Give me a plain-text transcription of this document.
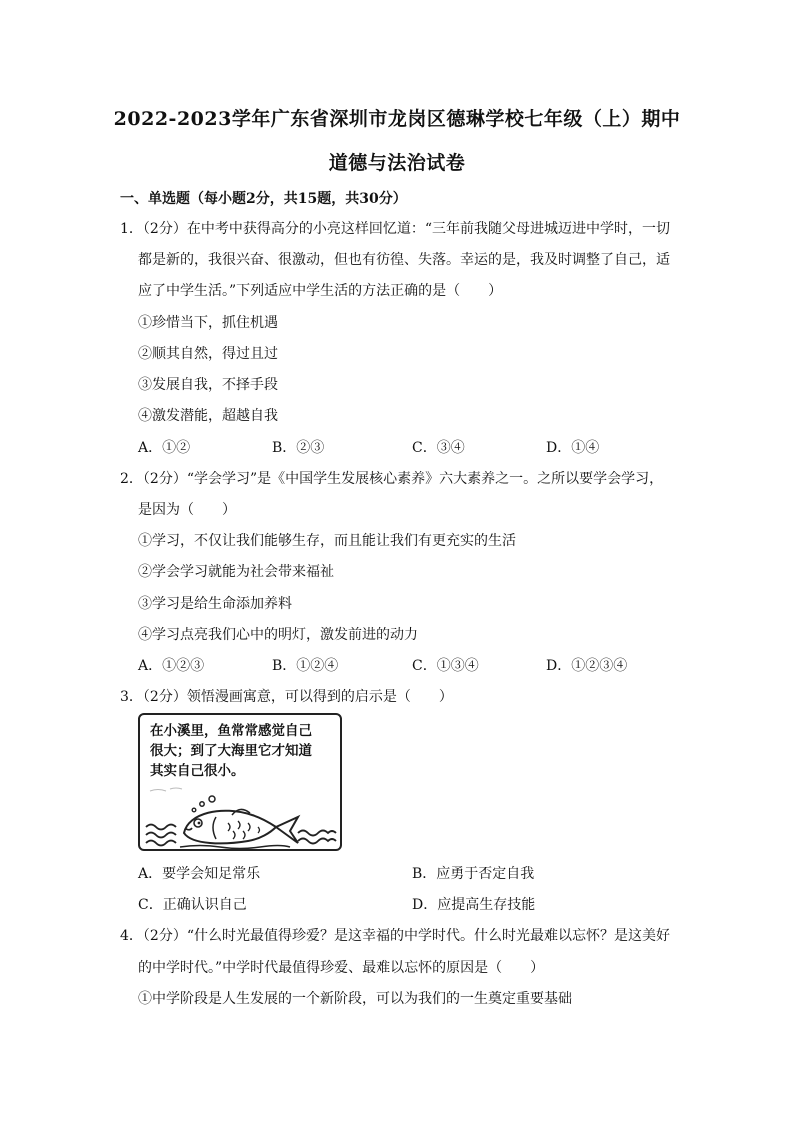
2022-2023学年广东省深圳市龙岗区德琳学校七年级（上）期中
道德与法治试卷
一、单选题（每小题2分，共15题，共30分）
1．（2分）在中考中获得高分的小亮这样回忆道：“三年前我随父母进城迈进中学时，一切
都是新的，我很兴奋、很激动，但也有彷徨、失落。幸运的是，我及时调整了自己，适
应了中学生活。”下列适应中学生活的方法正确的是（　　）
①珍惜当下，抓住机遇
②顺其自然，得过且过
③发展自我，不择手段
④激发潜能，超越自我
A．①②	B．②③	C．③④	D．①④
2．（2分）“学会学习”是《中国学生发展核心素养》六大素养之一。之所以要学会学习，
是因为（　　）
①学习，不仅让我们能够生存，而且能让我们有更充实的生活
②学会学习就能为社会带来福祉
③学习是给生命添加养料
④学习点亮我们心中的明灯，激发前进的动力
A．①②③	B．①②④	C．①③④	D．①②③④
3．（2分）领悟漫画寓意，可以得到的启示是（　　）
在小溪里，鱼常常感觉自己
很大；到了大海里它才知道
其实自己很小。
A．要学会知足常乐	B．应勇于否定自我
C．正确认识自己	D．应提高生存技能
4．（2分）“什么时光最值得珍爱？是这幸福的中学时代。什么时光最难以忘怀？是这美好
的中学时代。”中学时代最值得珍爱、最难以忘怀的原因是（　　）
①中学阶段是人生发展的一个新阶段，可以为我们的一生奠定重要基础
